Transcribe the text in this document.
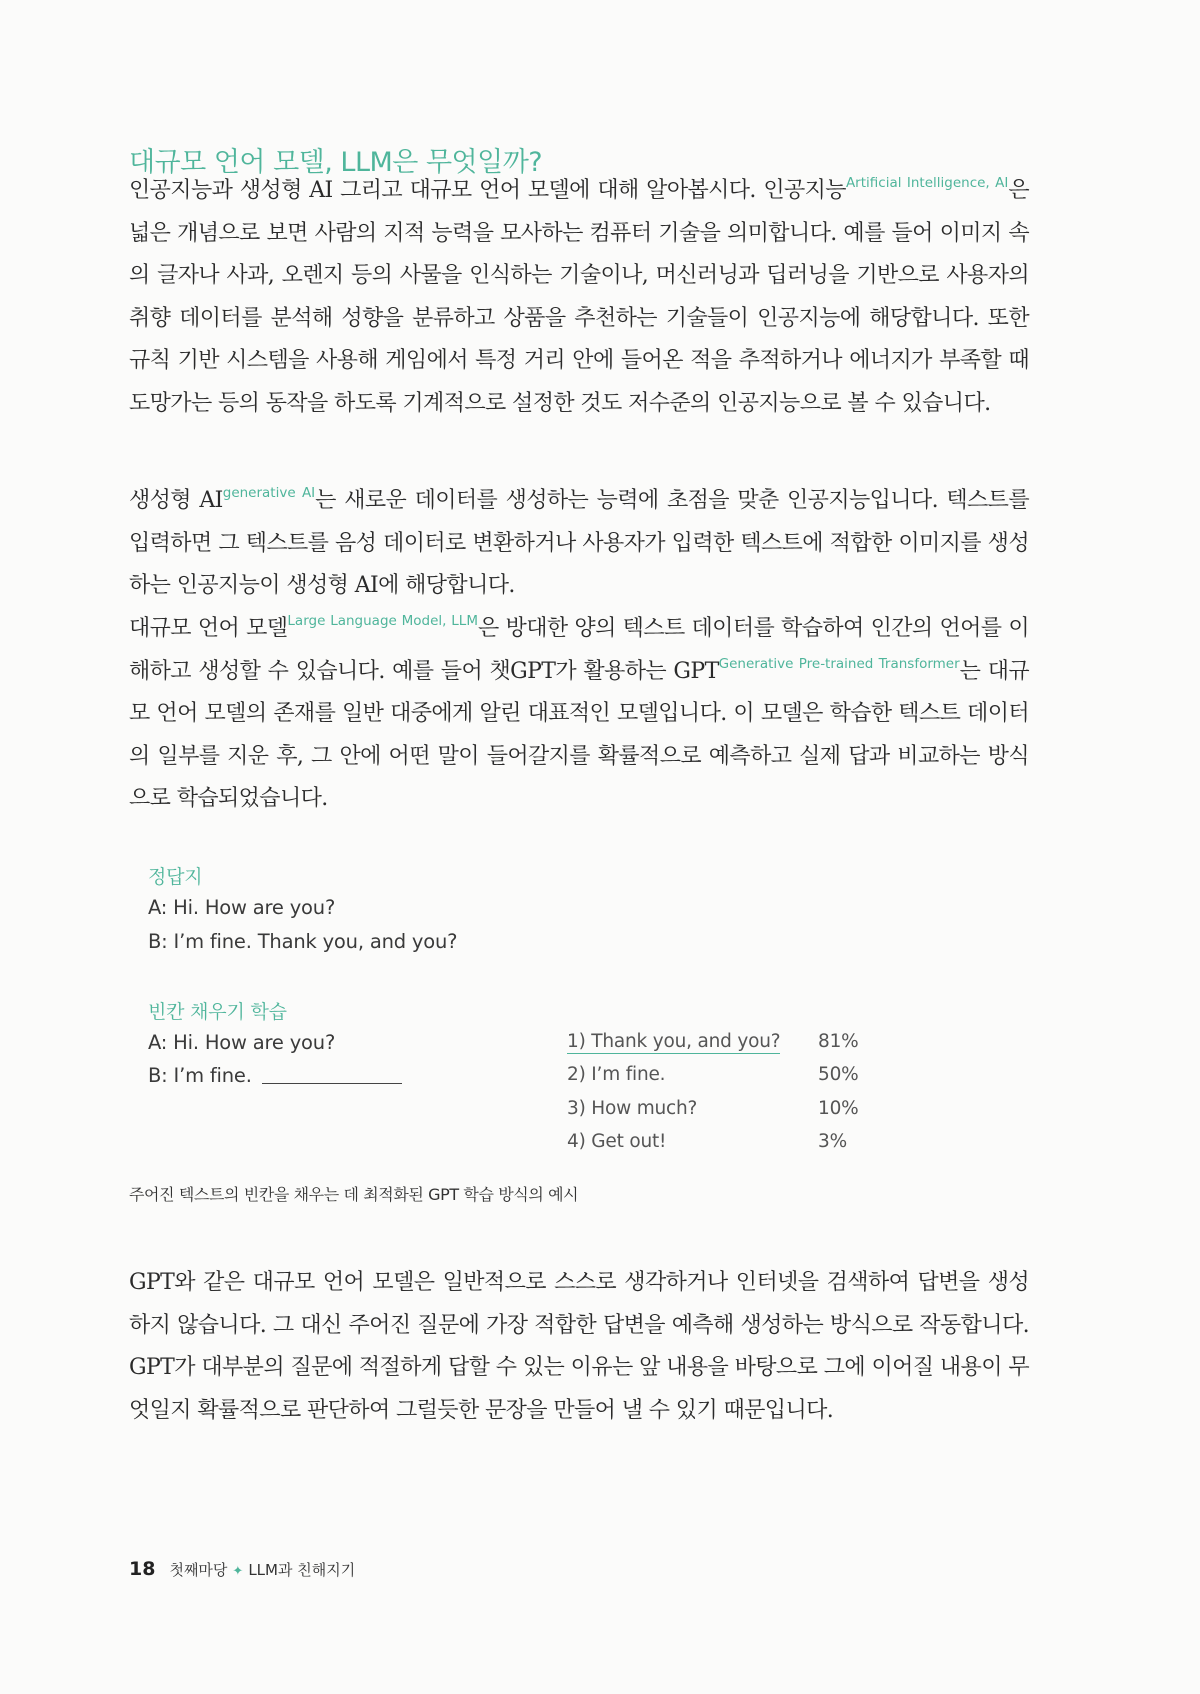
대규모 언어 모델, LLM은 무엇일까?

인공지능과 생성형 AI 그리고 대규모 언어 모델에 대해 알아봅시다. 인공지능$^{Artificial Intelligence, AI}$은 넓은 개념으로 보면 사람의 지적 능력을 모사하는 컴퓨터 기술을 의미합니다. 예를 들어 이미지 속의 글자나 사과, 오렌지 등의 사물을 인식하는 기술이나, 머신러닝과 딥러닝을 기반으로 사용자의 취향 데이터를 분석해 성향을 분류하고 상품을 추천하는 기술들이 인공지능에 해당합니다. 또한 규칙 기반 시스템을 사용해 게임에서 특정 거리 안에 들어온 적을 추적하거나 에너지가 부족할 때 도망가는 등의 동작을 하도록 기계적으로 설정한 것도 저수준의 인공지능으로 볼 수 있습니다.

생성형 $AI^{generative AI}$는 새로운 데이터를 생성하는 능력에 초점을 맞춘 인공지능입니다. 텍스트를 입력하면 그 텍스트를 음성 데이터로 변환하거나 사용자가 입력한 텍스트에 적합한 이미지를 생성하는 인공지능이 생성형 AI에 해당합니다.

대규모 언어 모델$^{Large Language Model, LLM}$은 방대한 양의 텍스트 데이터를 학습하여 인간의 언어를 이해하고 생성할 수 있습니다. 예를 들어 챗GPT가 활용하는 $GPT^{Generative Pre-trained Transformer}$는 대규모 언어 모델의 존재를 일반 대중에게 알린 대표적인 모델입니다. 이 모델은 학습한 텍스트 데이터의 일부를 지운 후, 그 안에 어떤 말이 들어갈지를 확률적으로 예측하고 실제 답과 비교하는 방식으로 학습되었습니다.

정답지
A: Hi. How are you?
B: I’m fine. Thank you, and you?
빈칸 채우기 학습
A: Hi. How are you?
B: I’m fine.
1) Thank you, and you? 81%
2) I’m fine.	50%
3) How much?	10%
4) Get out!	3%

주어진 텍스트의 빈칸을 채우는 데 최적화된 GPT 학습 방식의 예시

GPT와 같은 대규모 언어 모델은 일반적으로 스스로 생각하거나 인터넷을 검색하여 답변을 생성하지 않습니다. 그 대신 주어진 질문에 가장 적합한 답변을 예측해 생성하는 방식으로 작동합니다. GPT가 대부분의 질문에 적절하게 답할 수 있는 이유는 앞 내용을 바탕으로 그에 이어질 내용이 무엇일지 확률적으로 판단하여 그럴듯한 문장을 만들어 낼 수 있기 때문입니다.

18 첫째마당 ✦ LLM과 친해지기
